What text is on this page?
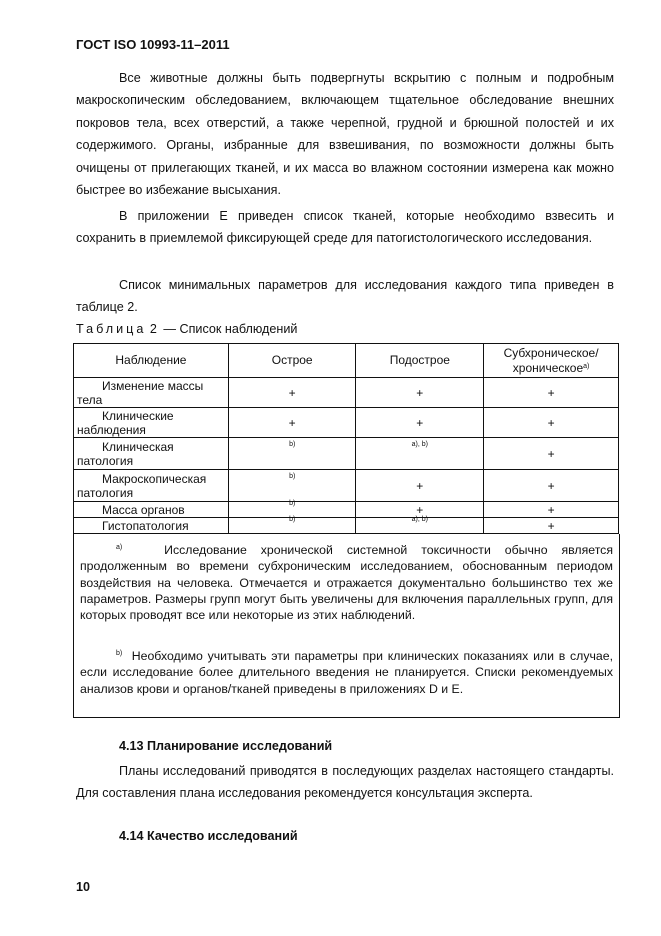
ГОСТ ISO 10993-11–2011

Все животные должны быть подвергнуты вскрытию с полным и подробным макроскопическим обследованием, включающем тщательное обследование внешних покровов тела, всех отверстий, а также черепной, грудной и брюшной полостей и их содержимого. Органы, избранные для взвешивания, по возможности должны быть очищены от прилегающих тканей, и их масса во влажном состоянии измерена как можно быстрее во избежание высыхания.

В приложении Е приведен список тканей, которые необходимо взвесить и сохранить в приемлемой фиксирующей среде для патогистологического исследования.

Список минимальных параметров для исследования каждого типа приведен в таблице 2.

Таблица 2 — Список наблюдений
Наблюдение	Острое	Подострое	Субхроническое/ хроническое$^{a)}$
Изменение массы тела	+	+	+
Клинические наблюдения	+	+	+
Клиническая патология	$^{b)}$	$^{a), b)}$	+
Макроскопическая патология	$^{b)}$	+	+
Масса органов	$^{b)}$	+	+
Гистопатология	$^{b)}$	$^{a), b)}$	+

$^{a)}$	Исследование хронической системной токсичности обычно является продолженным во времени субхроническим исследованием, обоснованным периодом воздействия на человека. Отмечается и отражается документально большинство тех же параметров. Размеры групп могут быть увеличены для включения параллельных групп, для которых проводят все или некоторые из этих наблюдений.

$^{b)}$ Необходимо учитывать эти параметры при клинических показаниях или в случае, если исследование более длительного введения не планируется. Списки рекомендуемых анализов крови и органов/тканей приведены в приложениях D и E.

4.13 Планирование исследований

Планы исследований приводятся в последующих разделах настоящего стандарты. Для составления плана исследования рекомендуется консультация эксперта.

4.14 Качество исследований
10
